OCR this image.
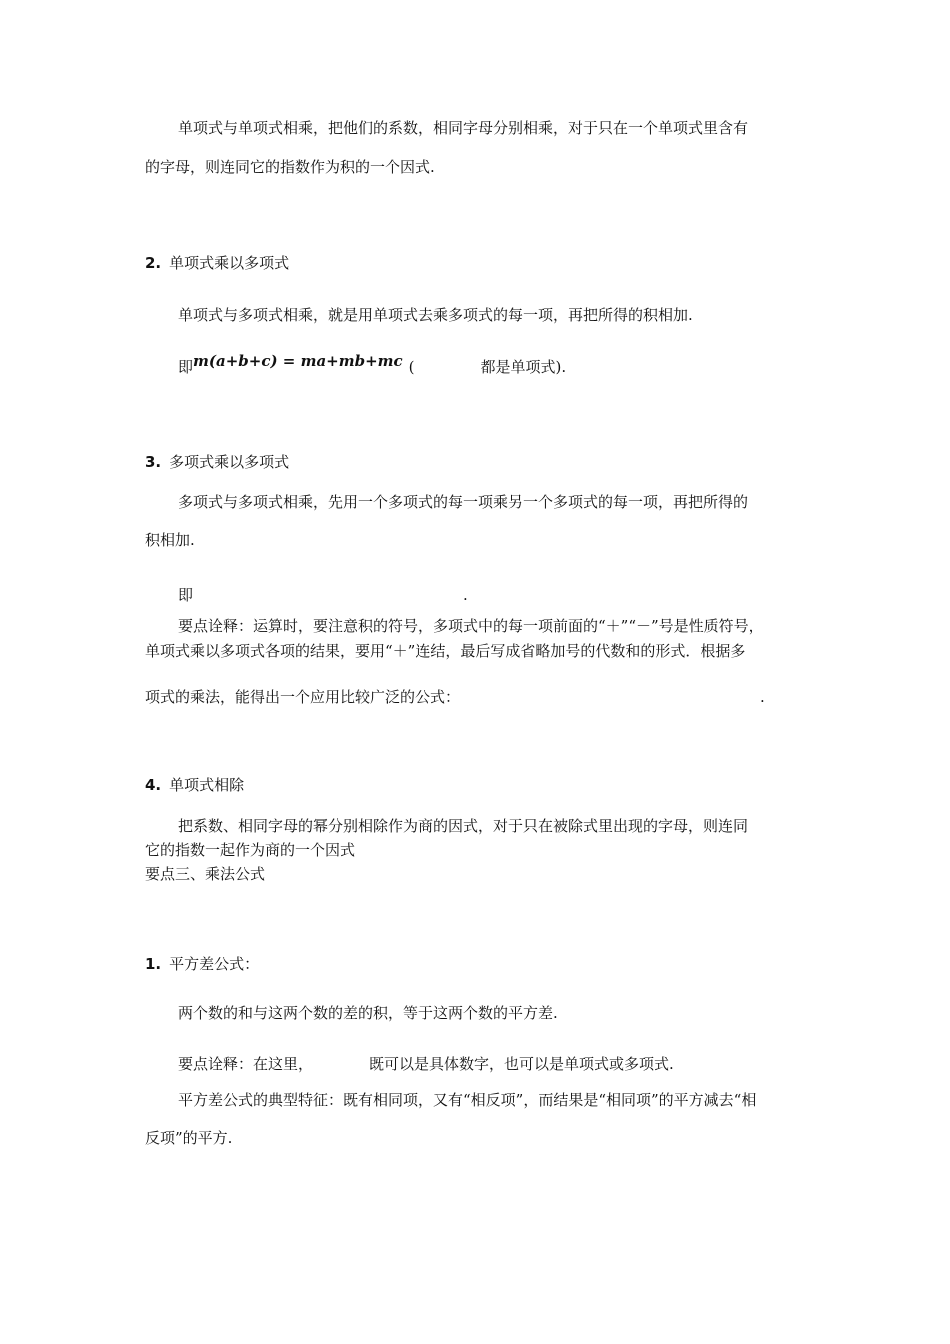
单项式与单项式相乘，把他们的系数，相同字母分别相乘，对于只在一个单项式里含有
的字母，则连同它的指数作为积的一个因式.
2. 单项式乘以多项式
单项式与多项式相乘，就是用单项式去乘多项式的每一项，再把所得的积相加.
即m(a+b+c) = ma+mb+mc (	都是单项式).
3. 多项式乘以多项式
多项式与多项式相乘，先用一个多项式的每一项乘另一个多项式的每一项，再把所得的
积相加.
即	.
要点诠释：运算时，要注意积的符号，多项式中的每一项前面的“＋”“－”号是性质符号，
单项式乘以多项式各项的结果，要用“＋”连结，最后写成省略加号的代数和的形式．根据多
项式的乘法，能得出一个应用比较广泛的公式：	.
4. 单项式相除
把系数、相同字母的幂分别相除作为商的因式，对于只在被除式里出现的字母，则连同
它的指数一起作为商的一个因式
要点三、乘法公式
1. 平方差公式：
两个数的和与这两个数的差的积，等于这两个数的平方差.
要点诠释：在这里，	既可以是具体数字，也可以是单项式或多项式.
平方差公式的典型特征：既有相同项，又有“相反项”，而结果是“相同项”的平方减去“相
反项”的平方.
